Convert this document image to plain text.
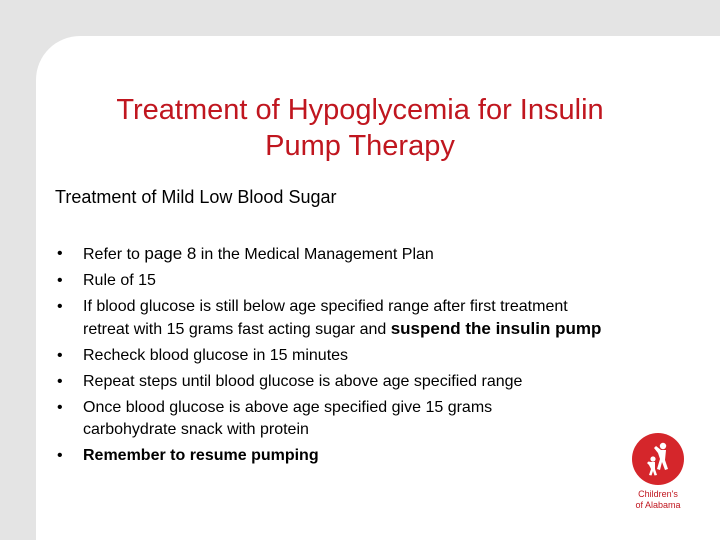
Treatment of Hypoglycemia for Insulin
Pump Therapy
Treatment of Mild Low Blood Sugar
• Refer to page 8 in the Medical Management Plan
• Rule of 15
• If blood glucose is still below age specified range after first treatment
retreat with 15 grams fast acting sugar and suspend the insulin pump
• Recheck blood glucose in 15 minutes
• Repeat steps until blood glucose is above age specified range
• Once blood glucose is above age specified give 15 grams
carbohydrate snack with protein
• Remember to resume pumping
Children's
of Alabama
